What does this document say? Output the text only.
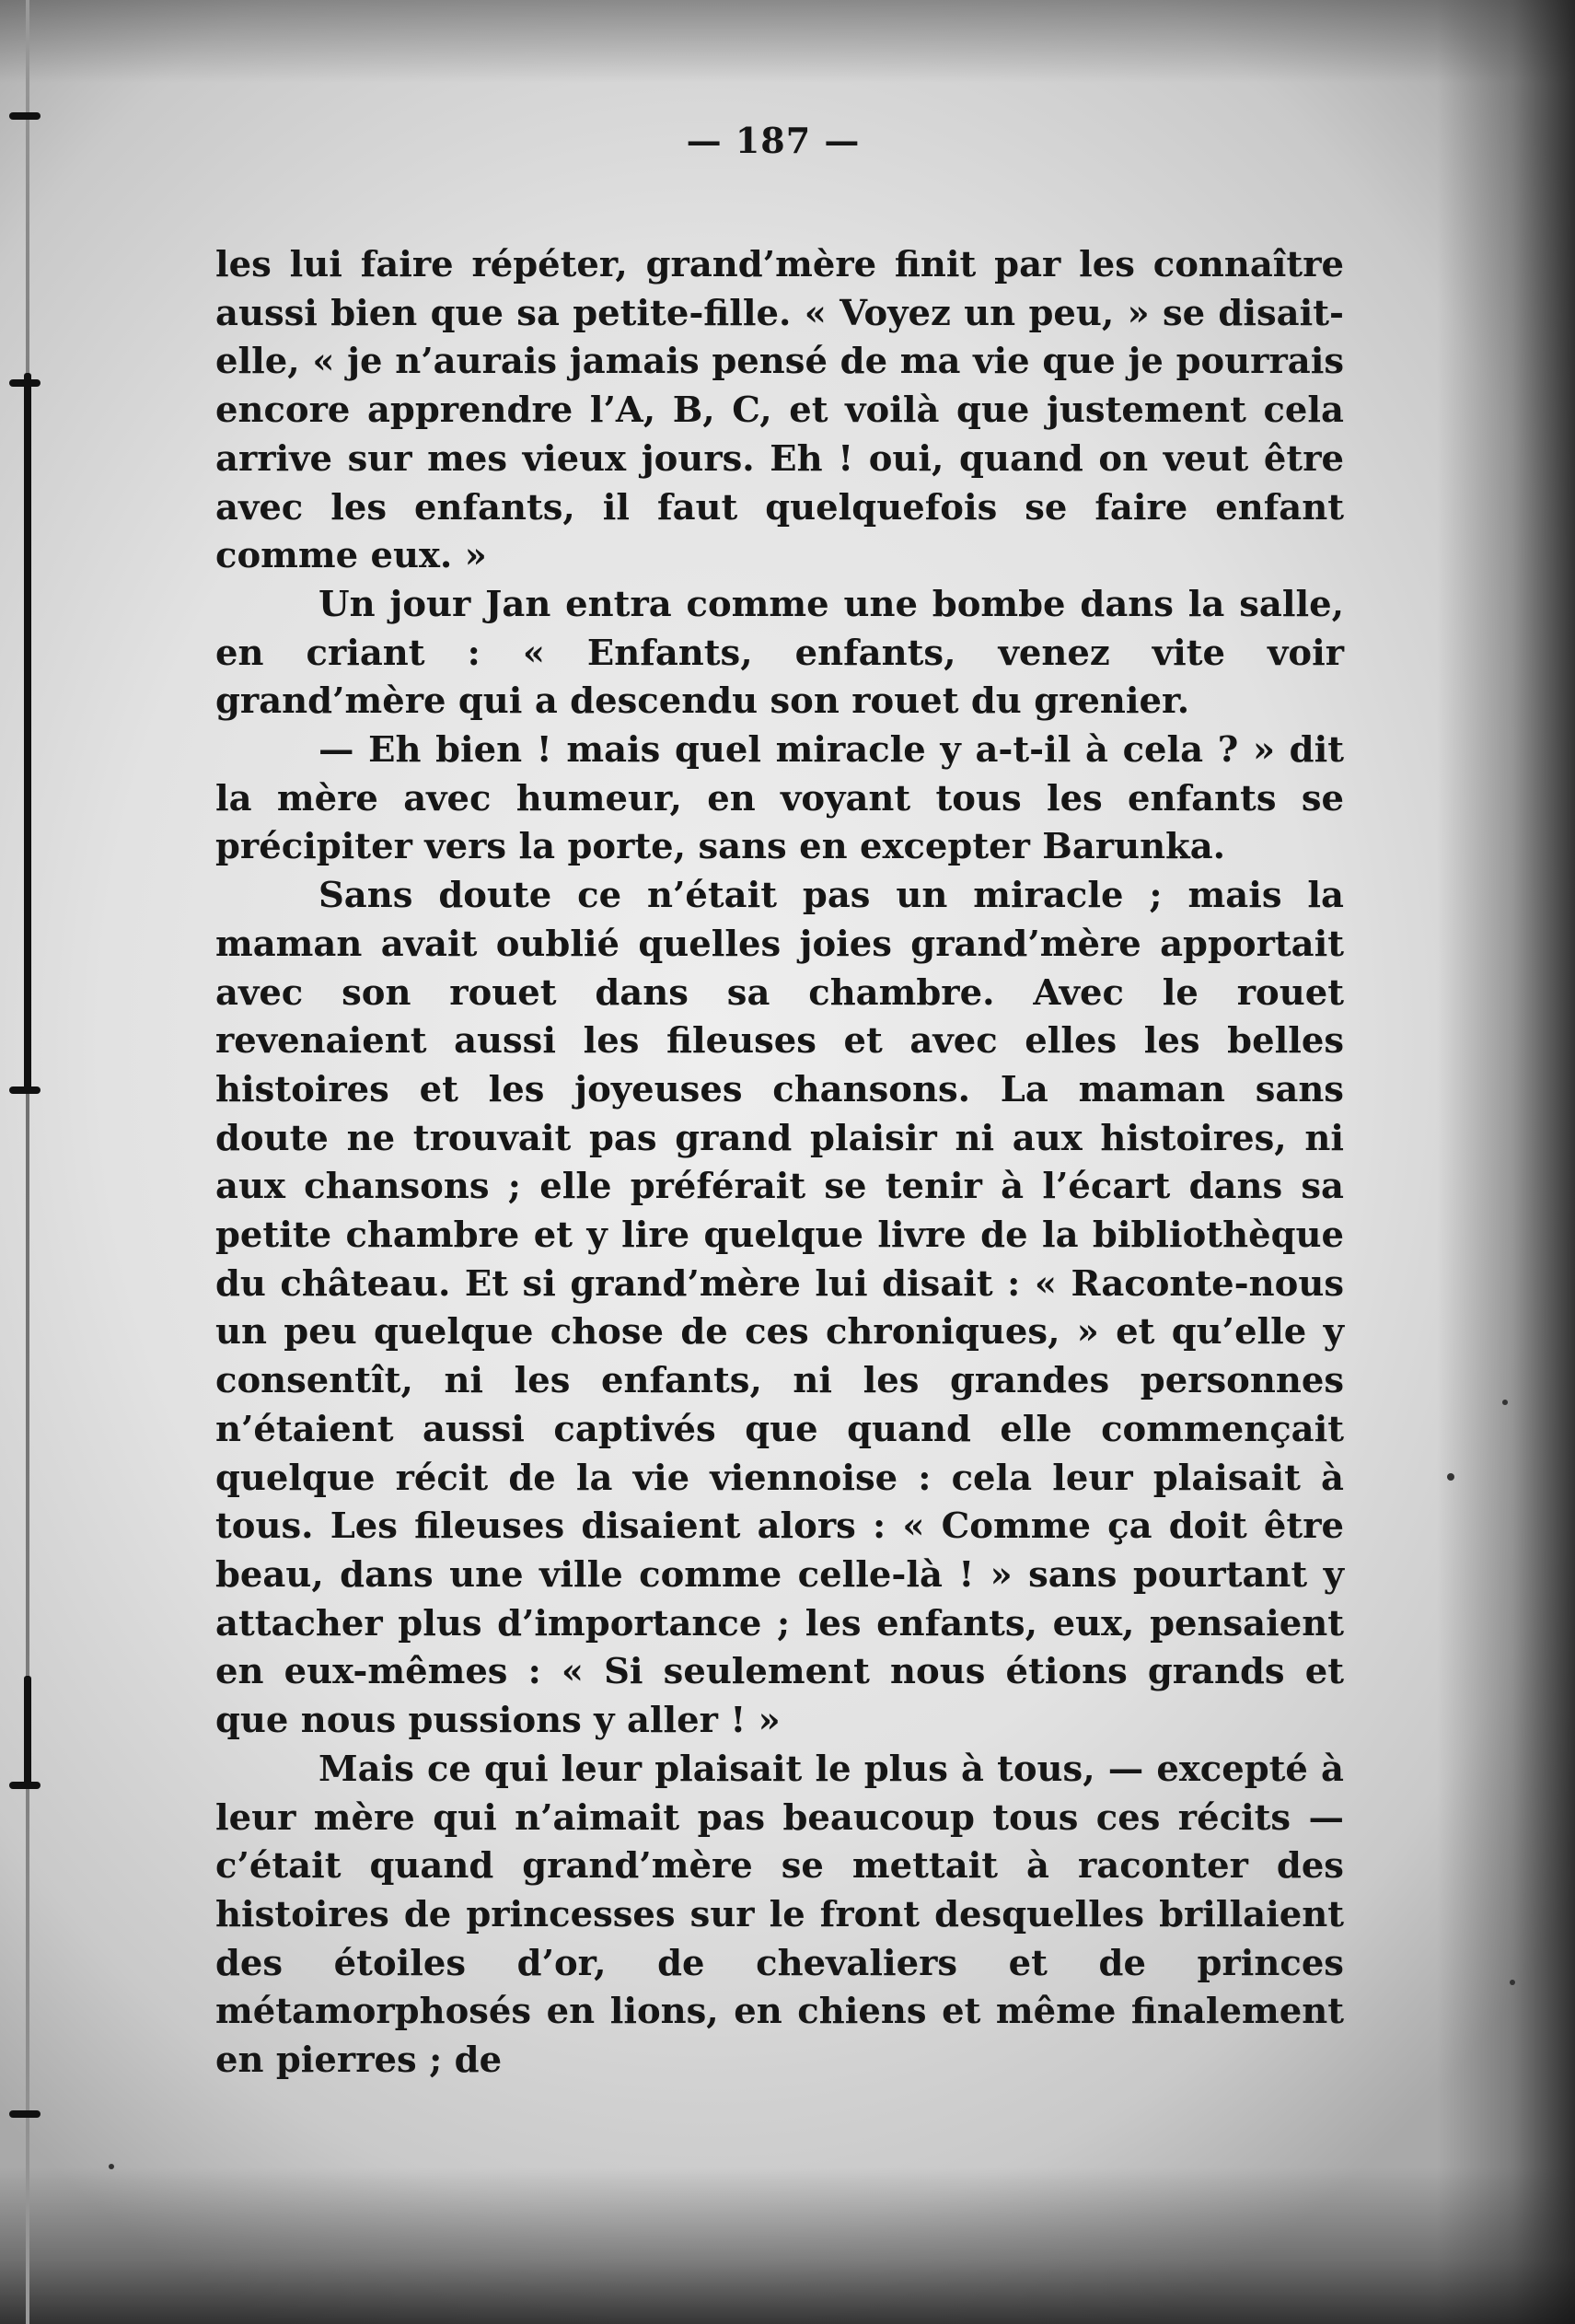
— 187 —

les lui faire répéter, grand’mère finit par les connaître aussi bien que sa petite-fille. « Voyez un peu, » se disait-elle, « je n’aurais jamais pensé de ma vie que je pourrais encore apprendre l’A, B, C, et voilà que justement cela arrive sur mes vieux jours. Eh ! oui, quand on veut être avec les enfants, il faut quelquefois se faire enfant comme eux. »

Un jour Jan entra comme une bombe dans la salle, en criant : « Enfants, enfants, venez vite voir grand’mère qui a descendu son rouet du grenier.

— Eh bien ! mais quel miracle y a-t-il à cela ? » dit la mère avec humeur, en voyant tous les enfants se précipiter vers la porte, sans en excepter Barunka.

Sans doute ce n’était pas un miracle ; mais la maman avait oublié quelles joies grand’mère apportait avec son rouet dans sa chambre. Avec le rouet revenaient aussi les fileuses et avec elles les belles histoires et les joyeuses chansons. La maman sans doute ne trouvait pas grand plaisir ni aux histoires, ni aux chansons ; elle préférait se tenir à l’écart dans sa petite chambre et y lire quelque livre de la bibliothèque du château. Et si grand’mère lui disait : « Raconte-nous un peu quelque chose de ces chroniques, » et qu’elle y consentît, ni les enfants, ni les grandes personnes n’étaient aussi captivés que quand elle commençait quelque récit de la vie viennoise : cela leur plaisait à tous. Les fileuses disaient alors : « Comme ça doit être beau, dans une ville comme celle-là ! » sans pourtant y attacher plus d’importance ; les enfants, eux, pensaient en eux-mêmes : « Si seulement nous étions grands et que nous pussions y aller ! »

Mais ce qui leur plaisait le plus à tous, — excepté à leur mère qui n’aimait pas beaucoup tous ces récits — c’était quand grand’mère se mettait à raconter des histoires de princesses sur le front desquelles brillaient des étoiles d’or, de chevaliers et de princes métamorphosés en lions, en chiens et même finalement en pierres ; de
